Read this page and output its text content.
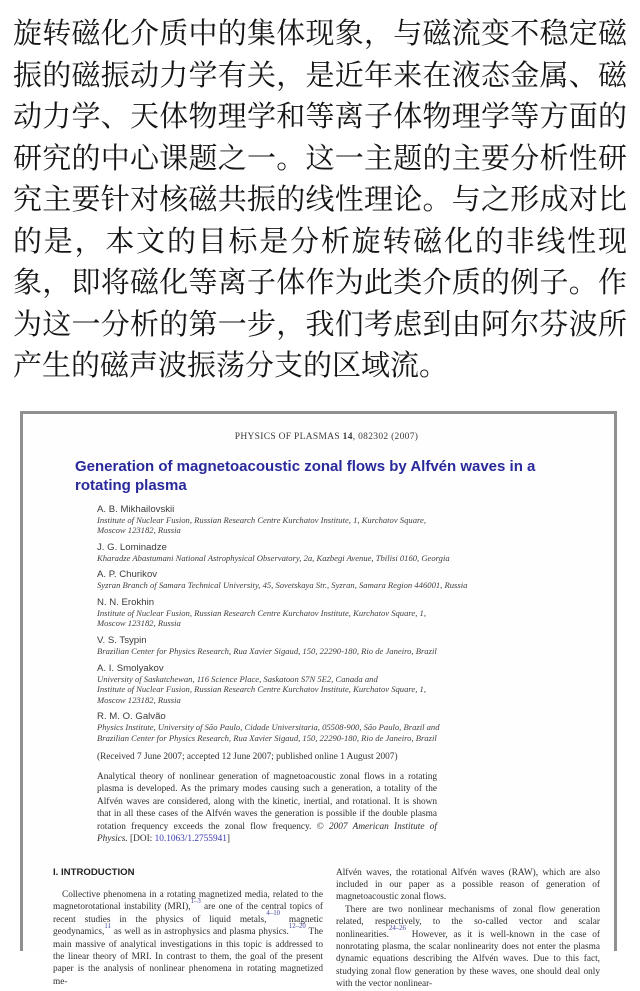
旋转磁化介质中的集体现象，与磁流变不稳定磁振的磁振动力学有关，是近年来在液态金属、磁动力学、天体物理学和等离子体物理学等方面的研究的中心课题之一。这一主题的主要分析性研究主要针对核磁共振的线性理论。与之形成对比的是，本文的目标是分析旋转磁化的非线性现象，即将磁化等离子体作为此类介质的例子。作为这一分析的第一步，我们考虑到由阿尔芬波所产生的磁声波振荡分支的区域流。
PHYSICS OF PLASMAS 14, 082302 (2007)
Generation of magnetoacoustic zonal flows by Alfvén waves in a rotating plasma
A. B. Mikhailovskii
Institute of Nuclear Fusion, Russian Research Centre Kurchatov Institute, 1, Kurchatov Square,
Moscow 123182, Russia
J. G. Lominadze
Kharadze Abastumani National Astrophysical Observatory, 2a, Kazbegi Avenue, Tbilisi 0160, Georgia
A. P. Churikov
Syzran Branch of Samara Technical University, 45, Sovetskaya Str., Syzran, Samara Region 446001, Russia
N. N. Erokhin
Institute of Nuclear Fusion, Russian Research Centre Kurchatov Institute, Kurchatov Square, 1,
Moscow 123182, Russia
V. S. Tsypin
Brazilian Center for Physics Research, Rua Xavier Sigaud, 150, 22290-180, Rio de Janeiro, Brazil
A. I. Smolyakov
University of Saskatchewan, 116 Science Place, Saskatoon S7N 5E2, Canada and
Institute of Nuclear Fusion, Russian Research Centre Kurchatov Institute, Kurchatov Square, 1,
Moscow 123182, Russia
R. M. O. Galvão
Physics Institute, University of São Paulo, Cidade Universitaria, 05508-900, São Paulo, Brazil and
Brazilian Center for Physics Research, Rua Xavier Sigaud, 150, 22290-180, Rio de Janeiro, Brazil
(Received 7 June 2007; accepted 12 June 2007; published online 1 August 2007)
Analytical theory of nonlinear generation of magnetoacoustic zonal flows in a rotating plasma is developed. As the primary modes causing such a generation, a totality of the Alfvén waves are considered, along with the kinetic, inertial, and rotational. It is shown that in all these cases of the Alfvén waves the generation is possible if the double plasma rotation frequency exceeds the zonal flow frequency. © 2007 American Institute of Physics. [DOI: 10.1063/1.2755941]
I. INTRODUCTION

Collective phenomena in a rotating magnetized media, related to the magnetorotational instability (MRI),$^{1-3}$ are one of the central topics of recent studies in the physics of liquid metals,$^{4-10}$ magnetic geodynamics,$^{11}$ as well as in astrophysics and plasma physics.$^{12-20}$ The main massive of analytical investigations in this topic is addressed to the linear theory of MRI. In contrast to them, the goal of the present paper is the analysis of nonlinear phenomena in rotating magnetized me-

Alfvén waves, the rotational Alfvén waves (RAW), which are also included in our paper as a possible reason of generation of magnetoacoustic zonal flows.

There are two nonlinear mechanisms of zonal flow generation related, respectively, to the so-called vector and scalar nonlinearities.$^{24-26}$ However, as it is well-known in the case of nonrotating plasma, the scalar nonlinearity does not enter the plasma dynamic equations describing the Alfvén waves. Due to this fact, studying zonal flow generation by these waves, one should deal only with the vector nonlinear-
